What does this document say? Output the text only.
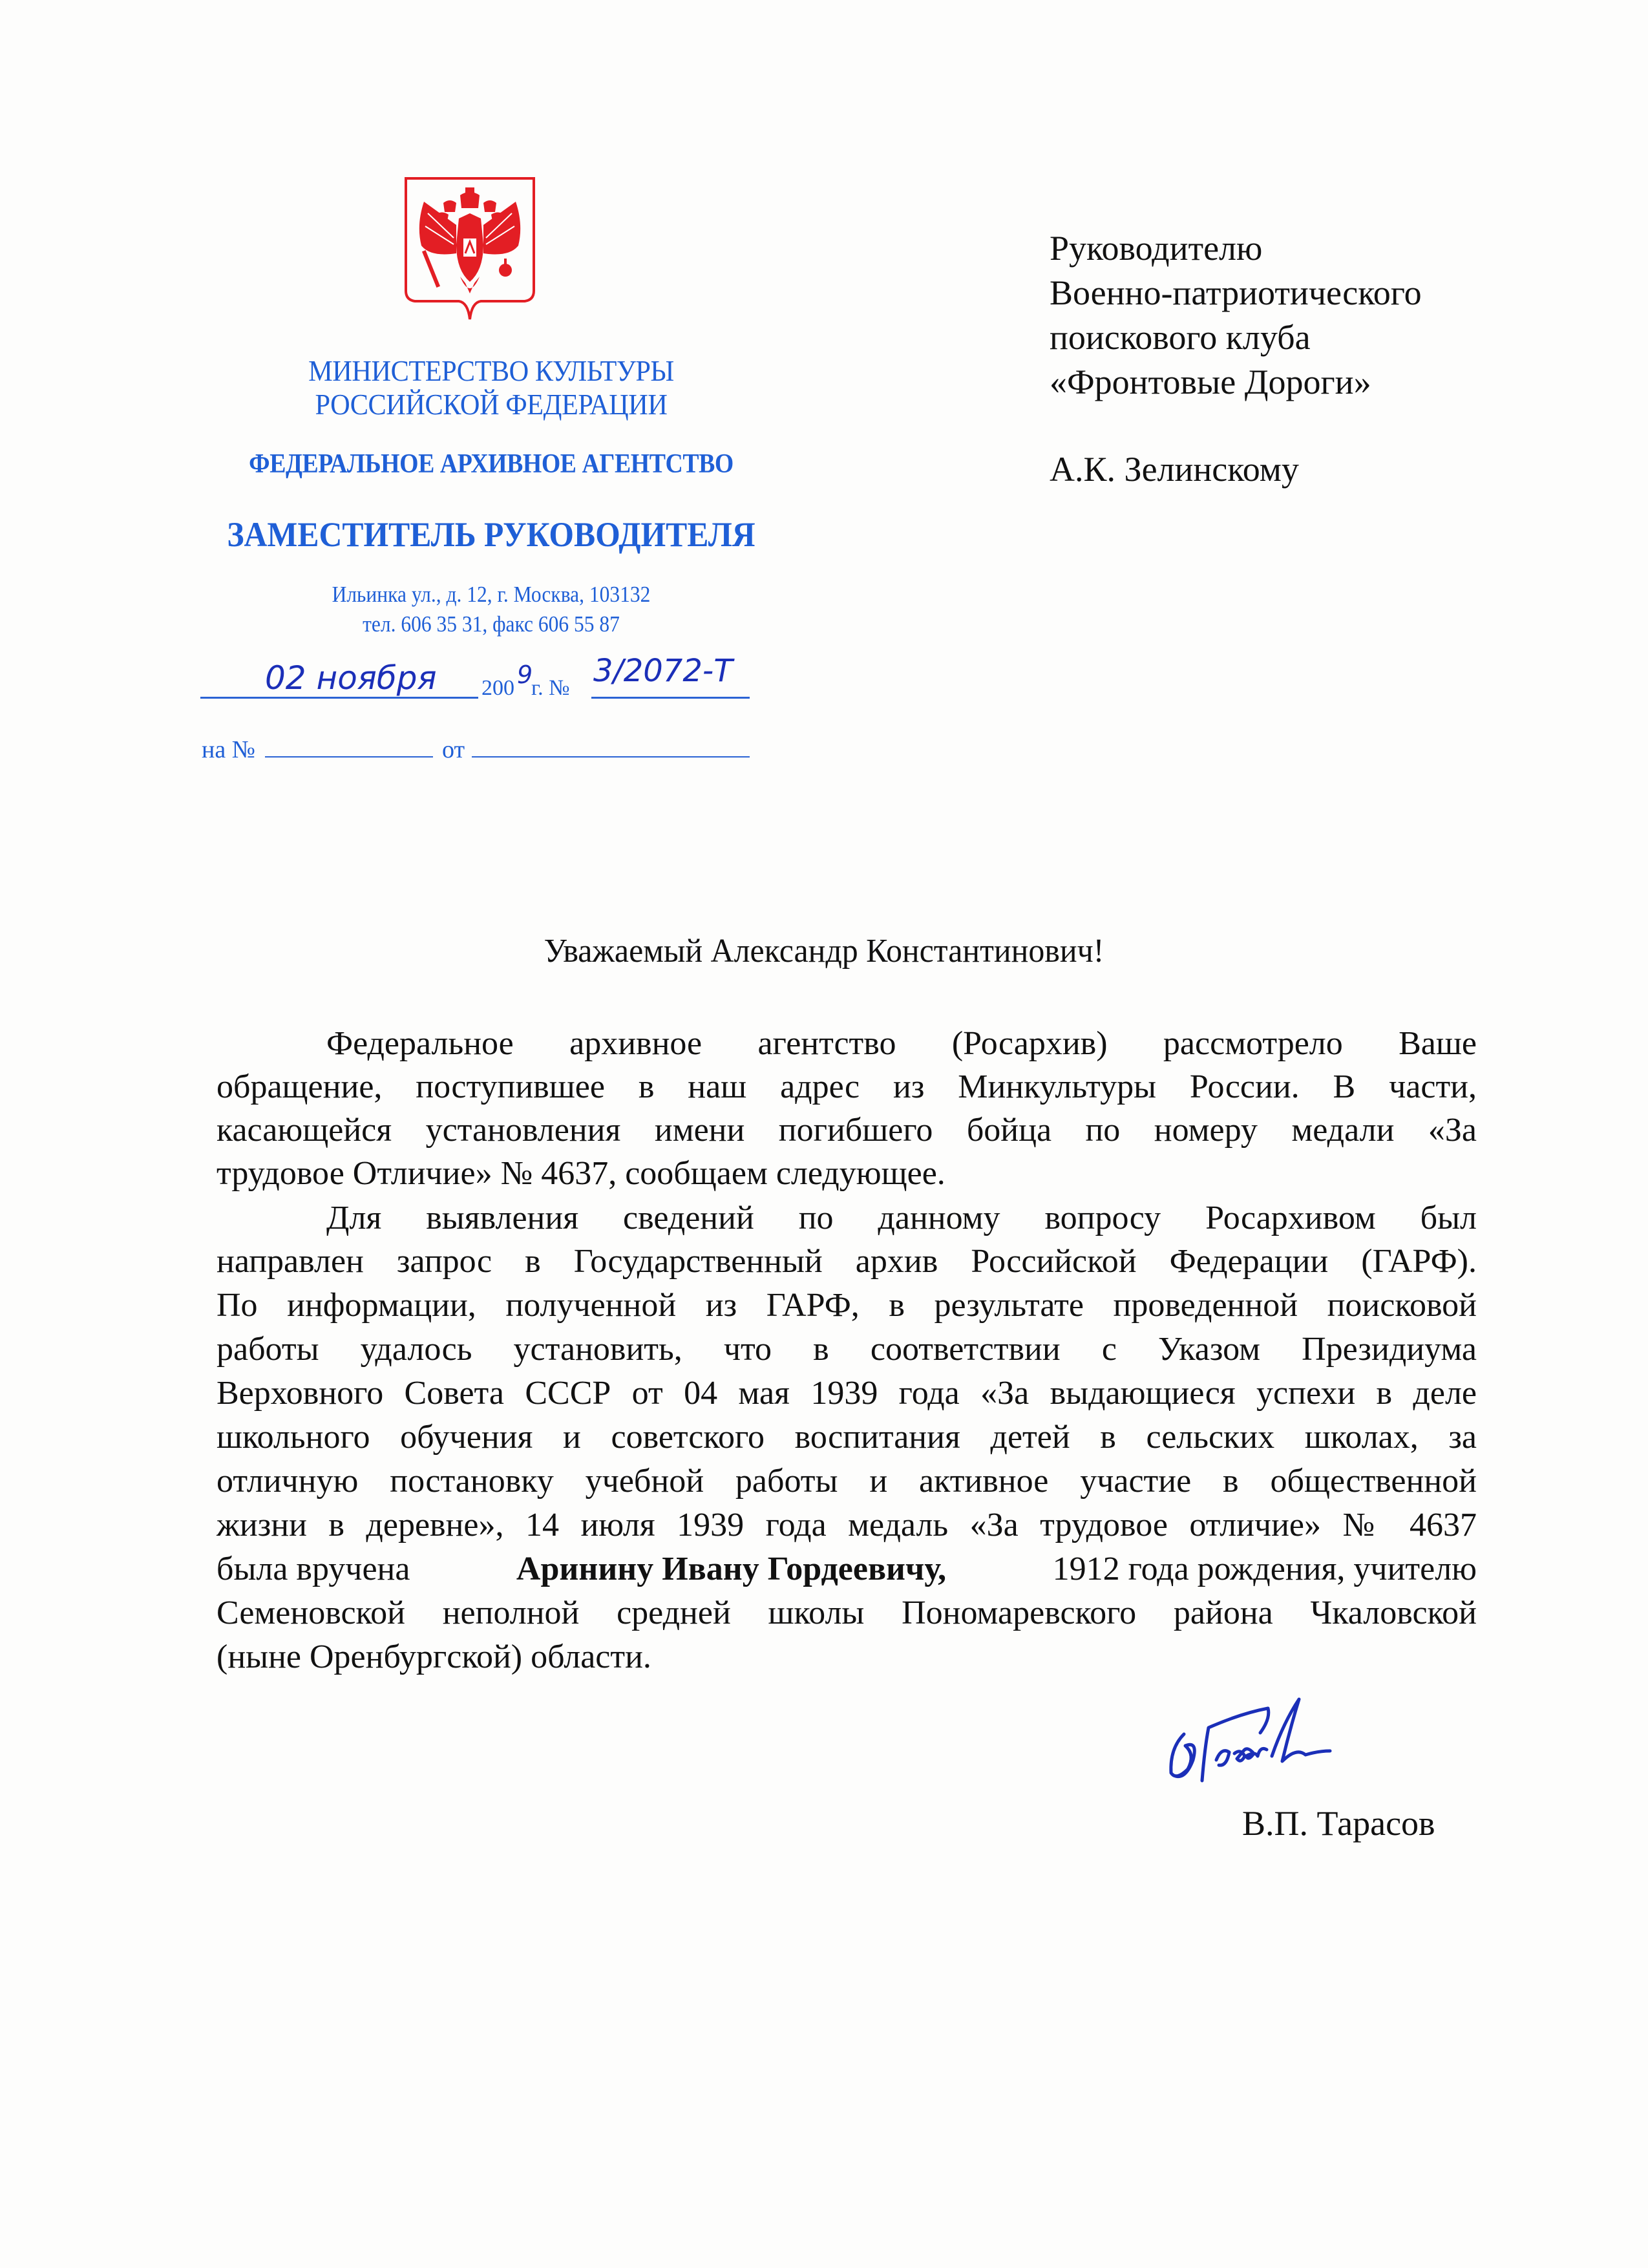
МИНИСТЕРСТВО КУЛЬТУРЫ
РОССИЙСКОЙ ФЕДЕРАЦИИ
ФЕДЕРАЛЬНОЕ АРХИВНОЕ АГЕНТСТВО
ЗАМЕСТИТЕЛЬ РУКОВОДИТЕЛЯ
Ильинка ул., д. 12, г. Москва, 103132
тел. 606 35 31, факс 606 55 87
02 ноября 200 9
г. № 3/2072-Т
на №	от
Руководителю
Военно-патриотического
поискового клуба
«Фронтовые Дороги»
А.К. Зелинскому
Уважаемый Александр Константинович!
Федеральное архивное агентство (Росархив) рассмотрело Ваше
обращение, поступившее в наш адрес из Минкультуры России. В части,
касающейся установления имени погибшего бойца по номеру медали «За
трудовое Отличие» № 4637, сообщаем следующее.
Для выявления сведений по данному вопросу Росархивом был
направлен запрос в Государственный архив Российской Федерации (ГАРФ).
По информации, полученной из ГАРФ, в результате проведенной поисковой
работы удалось установить, что в соответствии с Указом Президиума
Верховного Совета СССР от 04 мая 1939 года «За выдающиеся успехи в деле
школьного обучения и советского воспитания детей в сельских школах, за
отличную постановку учебной работы и активное участие в общественной
жизни в деревне», 14 июля 1939 года медаль «За трудовое отличие» № 4637
была вручена	Аринину Ивану Гордеевичу,	1912 года рождения, учителю
Семеновской неполной средней школы Пономаревского района Чкаловской
(ныне Оренбургской) области.
В.П. Тарасов
